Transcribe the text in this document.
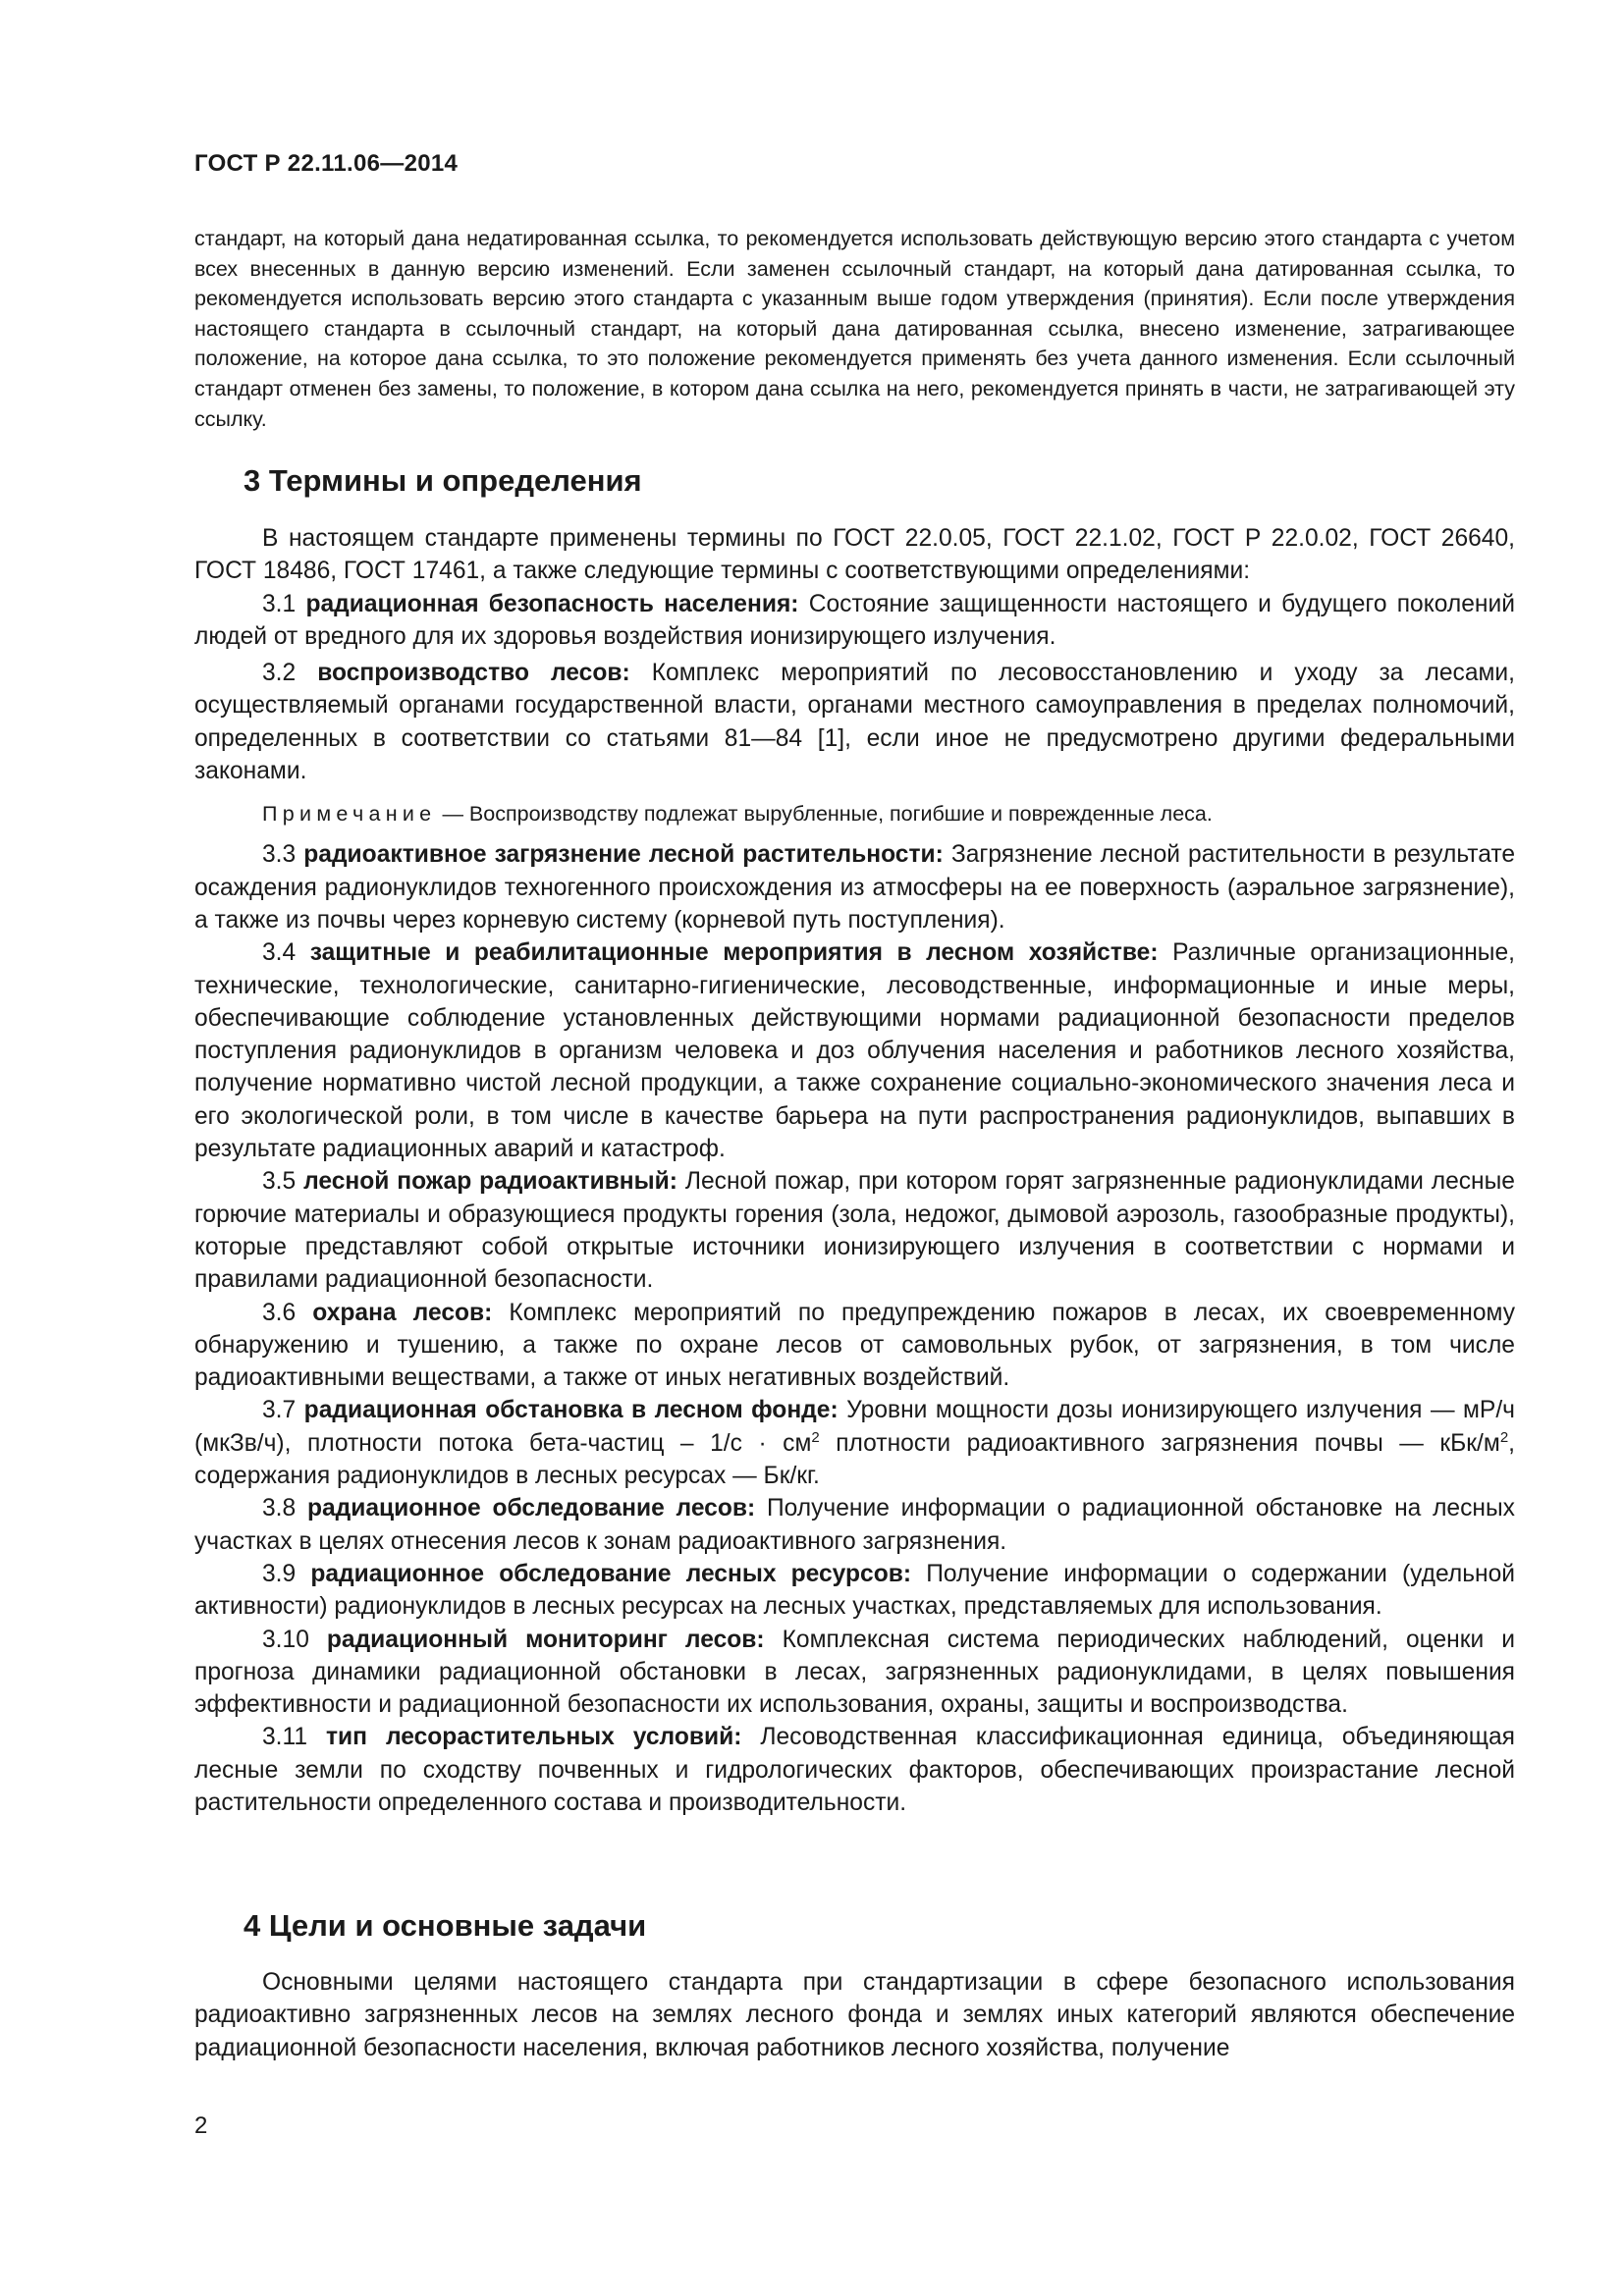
ГОСТ Р 22.11.06—2014
стандарт, на который дана недатированная ссылка, то рекомендуется использовать действующую версию этого стандарта с учетом всех внесенных в данную версию изменений. Если заменен ссылочный стандарт, на который дана датированная ссылка, то рекомендуется использовать версию этого стандарта с указанным выше годом утверждения (принятия). Если после утверждения настоящего стандарта в ссылочный стандарт, на который дана датированная ссылка, внесено изменение, затрагивающее положение, на которое дана ссылка, то это положение рекомендуется применять без учета данного изменения. Если ссылочный стандарт отменен без замены, то положение, в котором дана ссылка на него, рекомендуется принять в части, не затрагивающей эту ссылку.
3 Термины и определения

В настоящем стандарте применены термины по ГОСТ 22.0.05, ГОСТ 22.1.02, ГОСТ Р 22.0.02, ГОСТ 26640, ГОСТ 18486, ГОСТ 17461, а также следующие термины с соответствующими определениями:

3.1 радиационная безопасность населения: Состояние защищенности настоящего и будущего поколений людей от вредного для их здоровья воздействия ионизирующего излучения.

3.2 воспроизводство лесов: Комплекс мероприятий по лесовосстановлению и уходу за лесами, осуществляемый органами государственной власти, органами местного самоуправления в пределах полномочий, определенных в соответствии со статьями 81—84 [1], если иное не предусмотрено другими федеральными законами.

Примечание — Воспроизводству подлежат вырубленные, погибшие и поврежденные леса.

3.3 радиоактивное загрязнение лесной растительности: Загрязнение лесной растительности в результате осаждения радионуклидов техногенного происхождения из атмосферы на ее поверхность (аэральное загрязнение), а также из почвы через корневую систему (корневой путь поступления).

3.4 защитные и реабилитационные мероприятия в лесном хозяйстве: Различные организационные, технические, технологические, санитарно-гигиенические, лесоводственные, информационные и иные меры, обеспечивающие соблюдение установленных действующими нормами радиационной безопасности пределов поступления радионуклидов в организм человека и доз облучения населения и работников лесного хозяйства, получение нормативно чистой лесной продукции, а также сохранение социально-экономического значения леса и его экологической роли, в том числе в качестве барьера на пути распространения радионуклидов, выпавших в результате радиационных аварий и катастроф.

3.5 лесной пожар радиоактивный: Лесной пожар, при котором горят загрязненные радионуклидами лесные горючие материалы и образующиеся продукты горения (зола, недожог, дымовой аэрозоль, газообразные продукты), которые представляют собой открытые источники ионизирующего излучения в соответствии с нормами и правилами радиационной безопасности.

3.6 охрана лесов: Комплекс мероприятий по предупреждению пожаров в лесах, их своевременному обнаружению и тушению, а также по охране лесов от самовольных рубок, от загрязнения, в том числе радиоактивными веществами, а также от иных негативных воздействий.

3.7 радиационная обстановка в лесном фонде: Уровни мощности дозы ионизирующего излучения — мР/ч (мкЗв/ч), плотности потока бета-частиц – $1/с \cdot см^2$ плотности радиоактивного загрязнения почвы — кБк/$м^2$, содержания радионуклидов в лесных ресурсах — Бк/кг.

3.8 радиационное обследование лесов: Получение информации о радиационной обстановке на лесных участках в целях отнесения лесов к зонам радиоактивного загрязнения.

3.9 радиационное обследование лесных ресурсов: Получение информации о содержании (удельной активности) радионуклидов в лесных ресурсах на лесных участках, представляемых для использования.

3.10 радиационный мониторинг лесов: Комплексная система периодических наблюдений, оценки и прогноза динамики радиационной обстановки в лесах, загрязненных радионуклидами, в целях повышения эффективности и радиационной безопасности их использования, охраны, защиты и воспроизводства.

3.11 тип лесорастительных условий: Лесоводственная классификационная единица, объединяющая лесные земли по сходству почвенных и гидрологических факторов, обеспечивающих произрастание лесной растительности определенного состава и производительности.

4 Цели и основные задачи

Основными целями настоящего стандарта при стандартизации в сфере безопасного использования радиоактивно загрязненных лесов на землях лесного фонда и землях иных категорий являются обеспечение радиационной безопасности населения, включая работников лесного хозяйства, получение

2
